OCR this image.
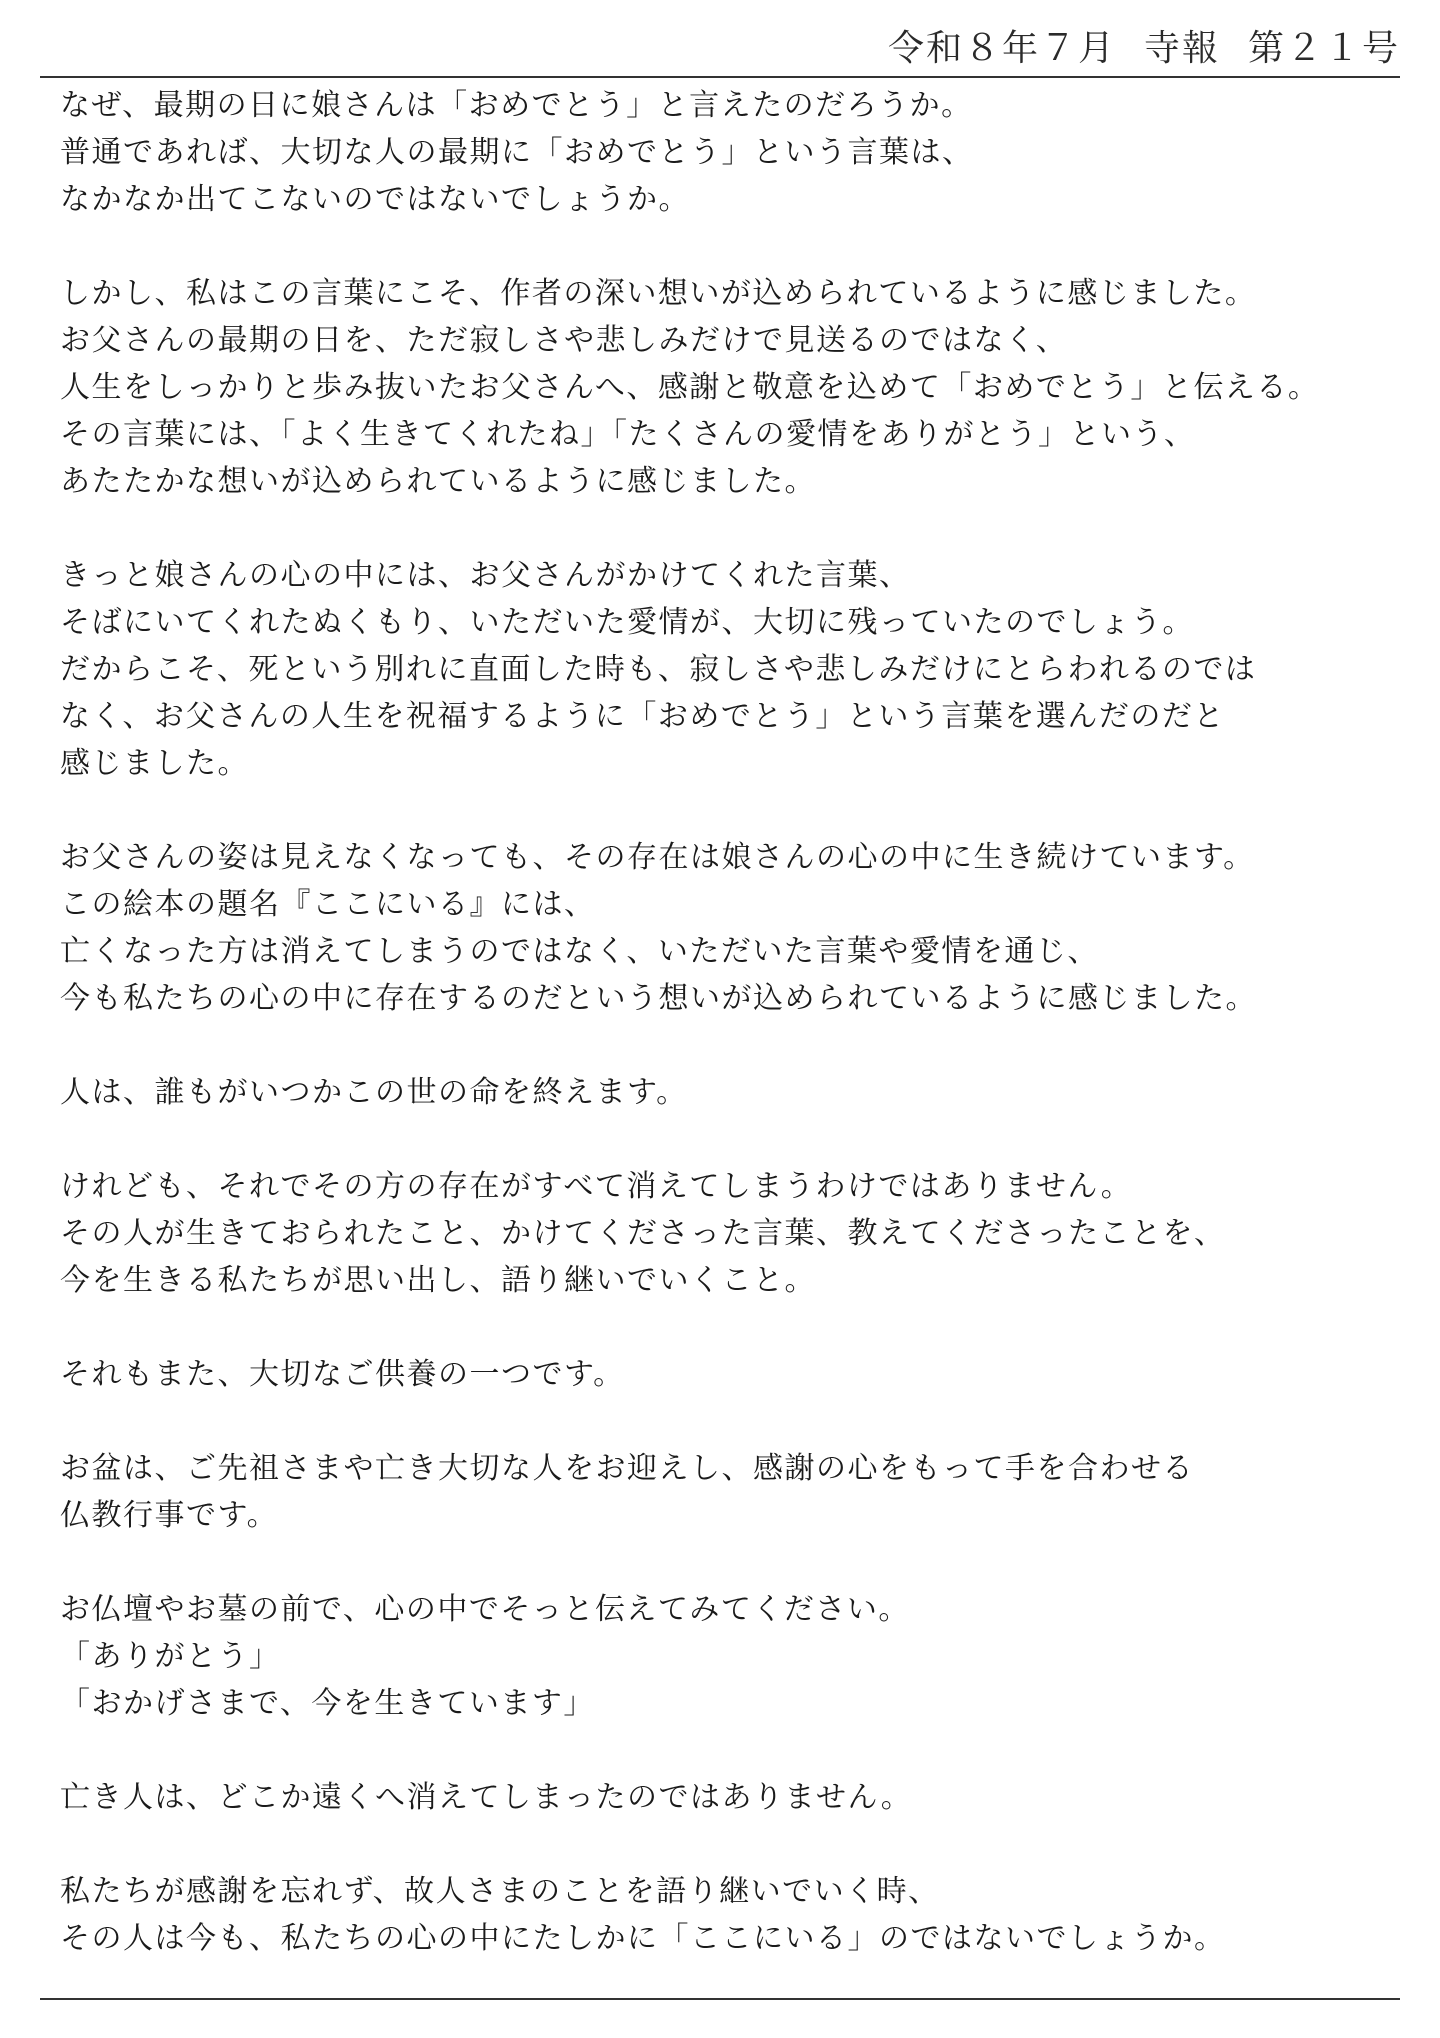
令和８年７月 寺報 第２１号
なぜ、最期の日に娘さんは「おめでとう」と言えたのだろうか。
普通であれば、大切な人の最期に「おめでとう」という言葉は、
なかなか出てこないのではないでしょうか。
しかし、私はこの言葉にこそ、作者の深い想いが込められているように感じました。
お父さんの最期の日を、ただ寂しさや悲しみだけで見送るのではなく、
人生をしっかりと歩み抜いたお父さんへ、感謝と敬意を込めて「おめでとう」と伝える。
その言葉には、「よく生きてくれたね」「たくさんの愛情をありがとう」という、
あたたかな想いが込められているように感じました。
きっと娘さんの心の中には、お父さんがかけてくれた言葉、
そばにいてくれたぬくもり、いただいた愛情が、大切に残っていたのでしょう。
だからこそ、死という別れに直面した時も、寂しさや悲しみだけにとらわれるのでは
なく、お父さんの人生を祝福するように「おめでとう」という言葉を選んだのだと
感じました。
お父さんの姿は見えなくなっても、その存在は娘さんの心の中に生き続けています。
この絵本の題名『ここにいる』には、
亡くなった方は消えてしまうのではなく、いただいた言葉や愛情を通じ、
今も私たちの心の中に存在するのだという想いが込められているように感じました。
人は、誰もがいつかこの世の命を終えます。
けれども、それでその方の存在がすべて消えてしまうわけではありません。
その人が生きておられたこと、かけてくださった言葉、教えてくださったことを、
今を生きる私たちが思い出し、語り継いでいくこと。
それもまた、大切なご供養の一つです。
お盆は、ご先祖さまや亡き大切な人をお迎えし、感謝の心をもって手を合わせる
仏教行事です。
お仏壇やお墓の前で、心の中でそっと伝えてみてください。
「ありがとう」
「おかげさまで、今を生きています」
亡き人は、どこか遠くへ消えてしまったのではありません。
私たちが感謝を忘れず、故人さまのことを語り継いでいく時、
その人は今も、私たちの心の中にたしかに「ここにいる」のではないでしょうか。
